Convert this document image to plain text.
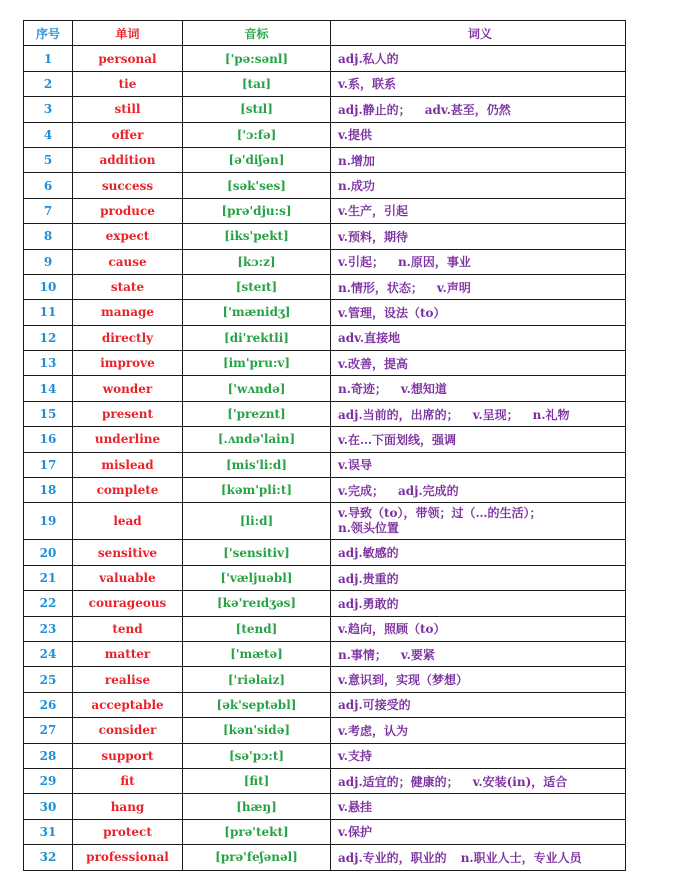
序号	单词	音标	词义
1	personal	['pə:sənl]	adj.私人的
2	tie	[taɪ]	v.系，联系
3	still	[stɪl]	adj.静止的； adv.甚至，仍然
4	offer	['ɔ:fə]	v.提供
5	addition	[ə'diʃən]	n.增加
6	success	[sək'ses]	n.成功
7	produce	[prə'dju:s]	v.生产，引起
8	expect	[iks'pekt]	v.预料，期待
9	cause	[kɔ:z]	v.引起； n.原因，事业
10	state	[steɪt]	n.情形，状态； v.声明
11	manage	['mænidʒ]	v.管理，设法（to）
12	directly	[di'rektli]	adv.直接地
13	improve	[im'pru:v]	v.改善，提高
14	wonder	['wʌndə]	n.奇迹； v.想知道
15	present	['preznt]	adj.当前的，出席的； v.呈现； n.礼物
16	underline	[.ʌndə'lain]	v.在…下面划线，强调
17	mislead	[mis'li:d]	v.误导
18	complete	[kəm'pli:t]	v.完成； adj.完成的
19	lead	[li:d]	v.导致（to），带领；过（…的生活）；
n.领头位置
20	sensitive	['sensitiv]	adj.敏感的
21	valuable	['væljuəbl]	adj.贵重的
22	courageous	[kə'reɪdʒəs]	adj.勇敢的
23	tend	[tend]	v.趋向，照顾（to）
24	matter	['mætə]	n.事情； v.要紧
25	realise	['riəlaiz]	v.意识到，实现（梦想）
26	acceptable	[ək'septəbl]	adj.可接受的
27	consider	[kən'sidə]	v.考虑，认为
28	support	[sə'pɔ:t]	v.支持
29	fit	[fit]	adj.适宜的；健康的； v.安装(in)，适合
30	hang	[hæŋ]	v.悬挂
31	protect	[prə'tekt]	v.保护
32	professional	[prə'feʃənəl]	adj.专业的，职业的 n.职业人士，专业人员
